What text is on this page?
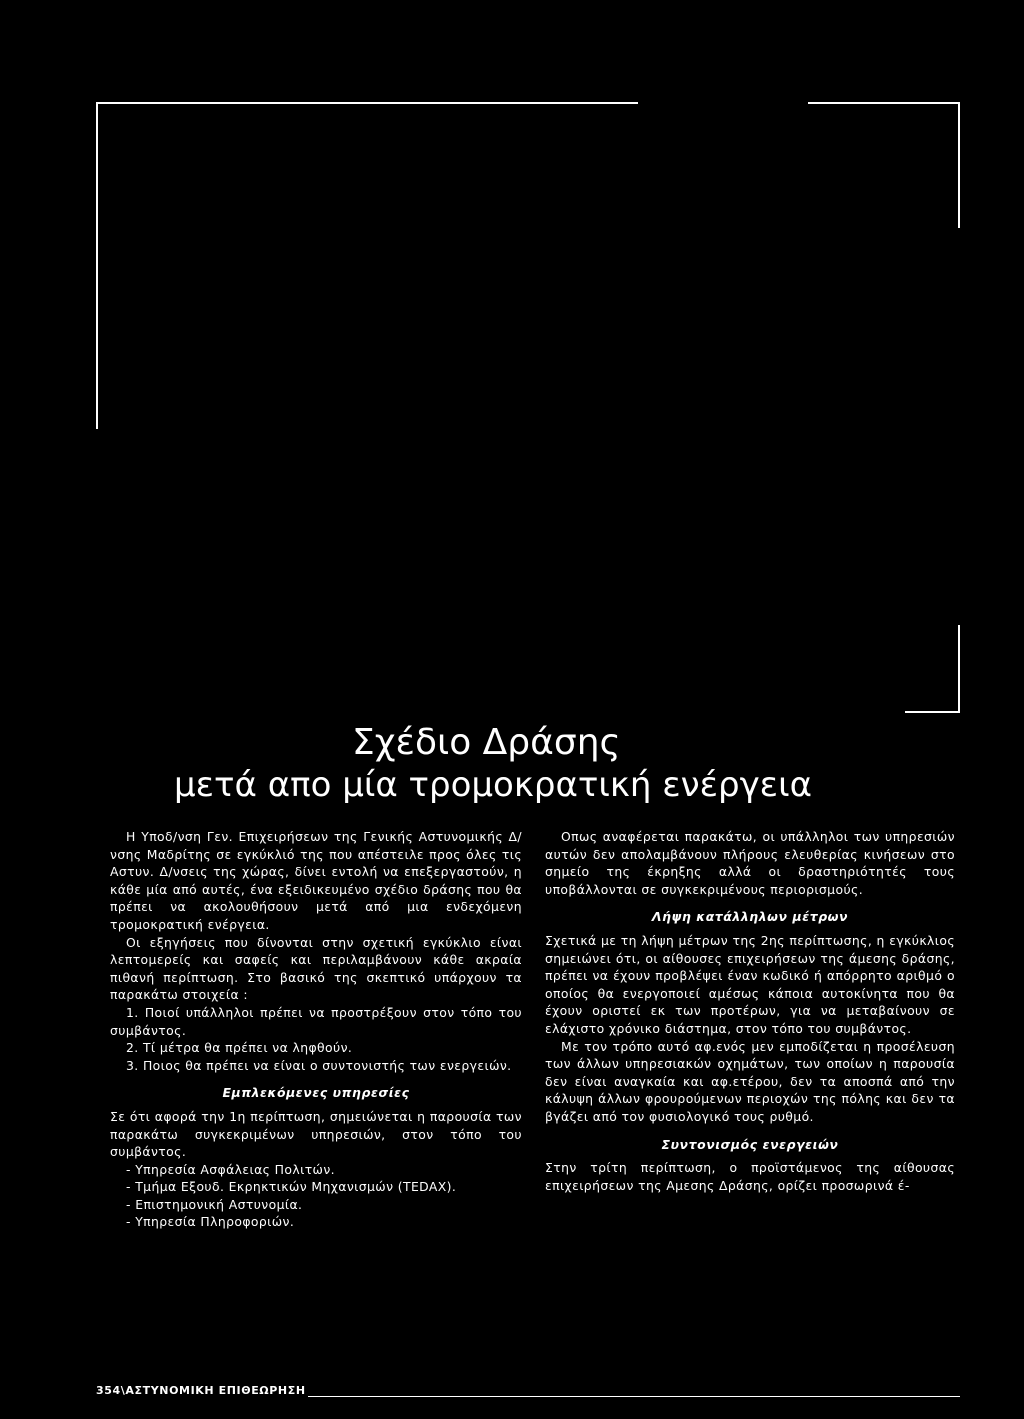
Σχέδιο Δράσης
μετά απο μία τρομοκρατική ενέργεια

Η Υποδ/νση Γεν. Επιχειρήσεων της Γενικής Αστυνομικής Δ/νσης Μαδρίτης σε εγκύκλιό της που απέστειλε προς όλες τις Αστυν. Δ/νσεις της χώρας, δίνει εντολή να επεξεργαστούν, η κάθε μία από αυτές, ένα εξειδικευμένο σχέδιο δράσης που θα πρέπει να ακολουθήσουν μετά από μια ενδεχόμενη τρομοκρατική ενέργεια.

Οι εξηγήσεις που δίνονται στην σχετική εγκύκλιο είναι λεπτομερείς και σαφείς και περιλαμβάνουν κάθε ακραία πιθανή περίπτωση. Στο βασικό της σκεπτικό υπάρχουν τα παρακάτω στοιχεία :

1. Ποιοί υπάλληλοι πρέπει να προστρέξουν στον τόπο του συμβάντος.

2. Τί μέτρα θα πρέπει να ληφθούν.

3. Ποιος θα πρέπει να είναι ο συντονιστής των ενεργειών.

Εμπλεκόμενες υπηρεσίες

Σε ότι αφορά την 1η περίπτωση, σημειώνεται η παρουσία των παρακάτω συγκεκριμένων υπηρεσιών, στον τόπο του συμβάντος.

- Υπηρεσία Ασφάλειας Πολιτών.
- Τμήμα Εξουδ. Εκρηκτικών Μηχανισμών (TEDAX).
- Επιστημονική Αστυνομία.
- Υπηρεσία Πληροφοριών.

Οπως αναφέρεται παρακάτω, οι υπάλληλοι των υπηρεσιών αυτών δεν απολαμβάνουν πλήρους ελευθερίας κινήσεων στο σημείο της έκρηξης αλλά οι δραστηριότητές τους υποβάλλονται σε συγκεκριμένους περιορισμούς.

Λήψη κατάλληλων μέτρων

Σχετικά με τη λήψη μέτρων της 2ης περίπτωσης, η εγκύκλιος σημειώνει ότι, οι αίθουσες επιχειρήσεων της άμεσης δράσης, πρέπει να έχουν προβλέψει έναν κωδικό ή απόρρητο αριθμό ο οποίος θα ενεργοποιεί αμέσως κάποια αυτοκίνητα που θα έχουν οριστεί εκ των προτέρων, για να μεταβαίνουν σε ελάχιστο χρόνικο διάστημα, στον τόπο του συμβάντος.

Με τον τρόπο αυτό αφ.ενός μεν εμποδίζεται η προσέλευση των άλλων υπηρεσιακών οχημάτων, των οποίων η παρουσία δεν είναι αναγκαία και αφ.ετέρου, δεν τα αποσπά από την κάλυψη άλλων φρουρούμενων περιοχών της πόλης και δεν τα βγάζει από τον φυσιολογικό τους ρυθμό.

Συντονισμός ενεργειών

Στην τρίτη περίπτωση, ο προϊστάμενος της αίθουσας επιχειρήσεων της Αμεσης Δράσης, ορίζει προσωρινά έ-

354\ΑΣΤΥΝΟΜΙΚΗ ΕΠΙΘΕΩΡΗΣΗ
